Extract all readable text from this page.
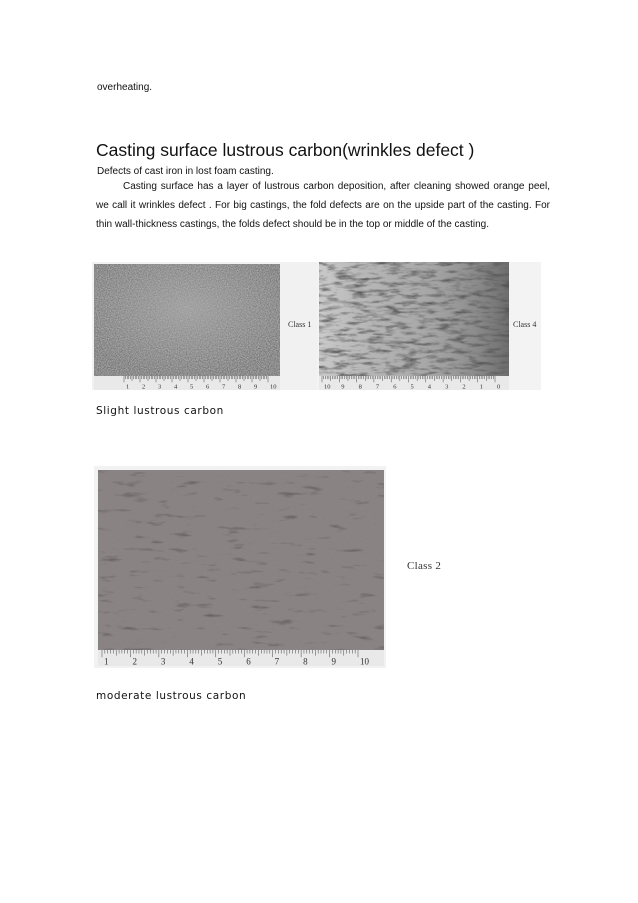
overheating.
Casting surface lustrous carbon(wrinkles defect )
Defects of cast iron in lost foam casting.
Casting surface has a layer of lustrous carbon deposition, after cleaning showed orange peel, we call it wrinkles defect . For big castings, the fold defects are on the upside part of the casting. For thin wall-thickness castings, the folds defect should be in the top or middle of the casting.
Class 1
1 2 3 4 5 6 7 8 9 10
Class 4
10 9 8 7 6 5 4 3 2 1 0
Slight lustrous carbon
1	2	3	4	5	6	7	8	9	10
Class 2
moderate lustrous carbon
